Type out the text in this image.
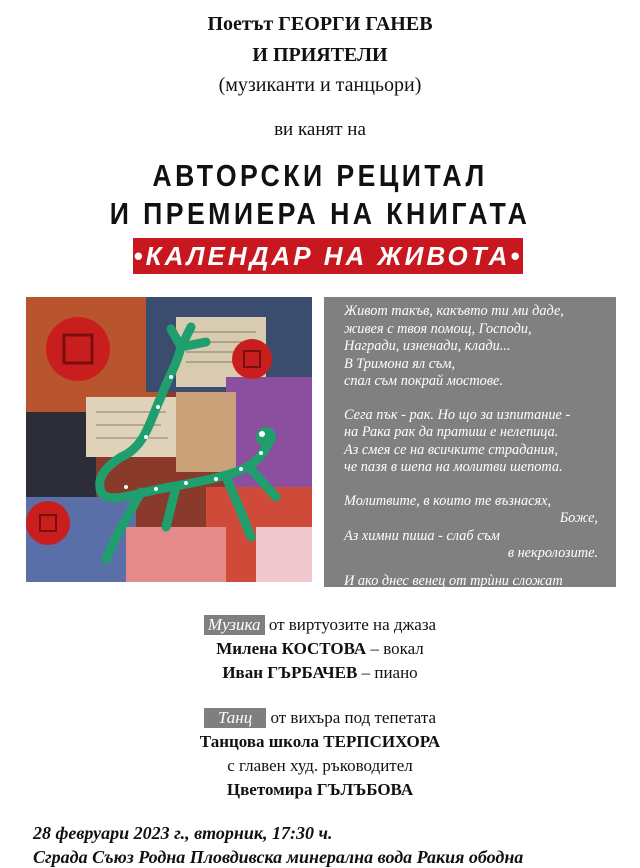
Поетът ГЕОРГИ ГАНЕВ
И ПРИЯТЕЛИ
(музиканти и танцьори)
ви канят на
АВТОРСКИ РЕЦИТАЛ
И ПРЕМИЕРА НА КНИГАТА
•КАЛЕНДАР НА ЖИВОТА•
Живот такъв, какъвто ти ми даде,
живея с твоя помощ, Господи,
Награди, изненади, клади...
В Тримона ял съм,
спал съм покрай мостове.
Сега пък - рак. Но що за изпитание -
на Рака рак да пратиш е нелепица.
Аз смея се на всичките страдания,
че пазя в шепа на молитви шепота.
Молитвите, в които те възнасях,
Боже,
Аз химни пиша - слаб съм
в некролозите.
И ако днес венец от трѝни сложат
на челото ми, утре ще са рози те.
Музика от виртуозите на джаза
Милена КОСТОВА – вокал
Иван ГЪРБАЧЕВ – пиано
Танц от вихъра под тепетата
Танцова школа ТЕРПСИХОРА
с главен худ. ръководител
Цветомира ГЪЛЪБОВА
28 февруари 2023 г., вторник, 17:30 ч.
Сграда Съюз Родна Пловдивска минерална вода Ракия ободна
